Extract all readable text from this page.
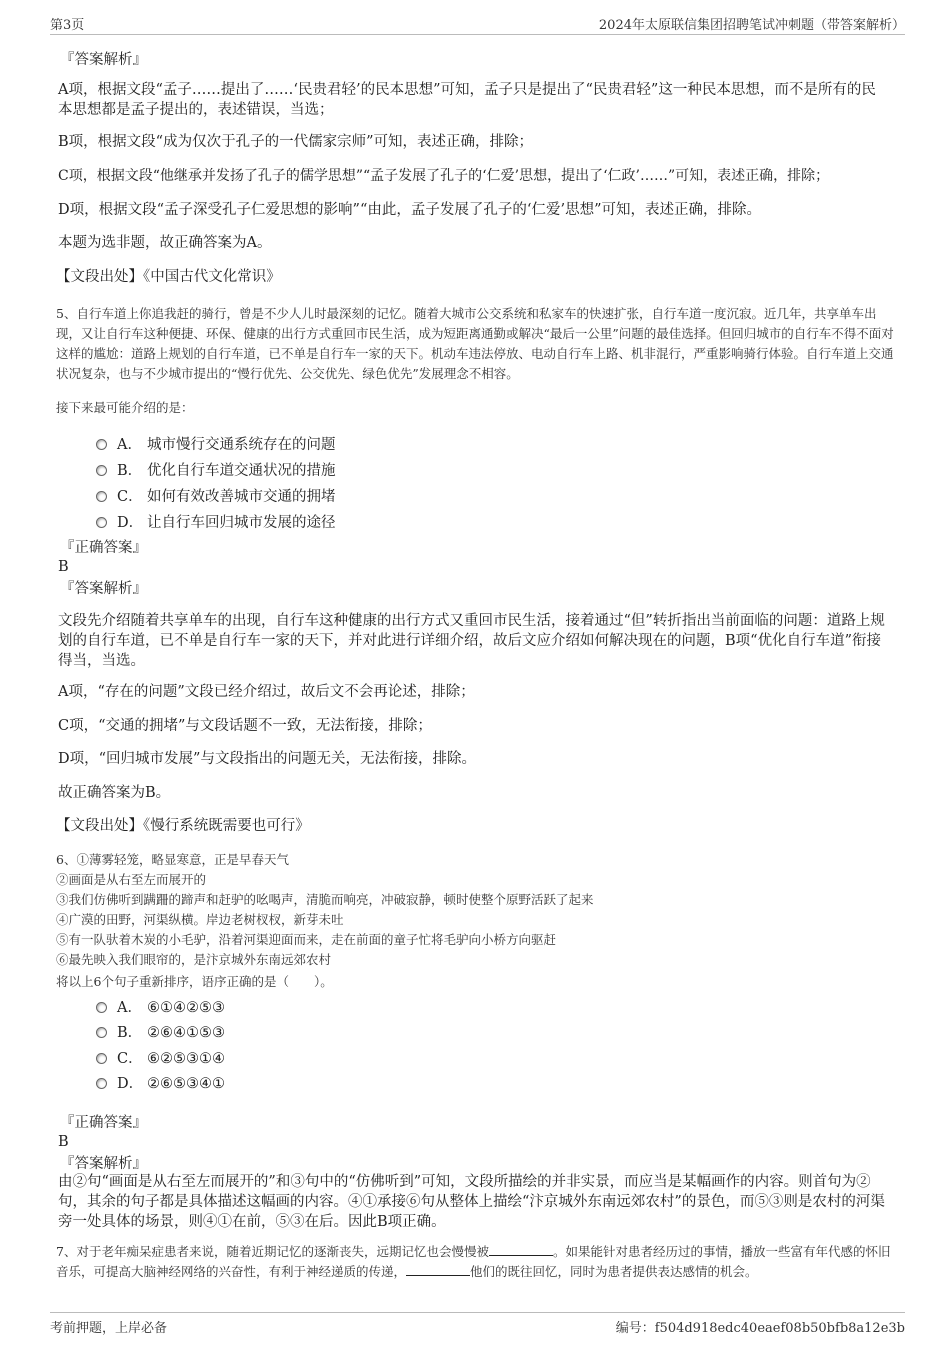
第3页	2024年太原联信集团招聘笔试冲刺题（带答案解析）
『答案解析』
A项，根据文段“孟子……提出了……‘民贵君轻’的民本思想”可知，孟子只是提出了“民贵君轻”这一种民本思想，而不是所有的民本思想都是孟子提出的，表述错误，当选；
B项，根据文段“成为仅次于孔子的一代儒家宗师”可知，表述正确，排除；
C项，根据文段“他继承并发扬了孔子的儒学思想”“孟子发展了孔子的‘仁爱’思想，提出了‘仁政’……”可知，表述正确，排除；
D项，根据文段“孟子深受孔子仁爱思想的影响”“由此，孟子发展了孔子的‘仁爱’思想”可知，表述正确，排除。
本题为选非题，故正确答案为A。
【文段出处】《中国古代文化常识》
5、自行车道上你追我赶的骑行，曾是不少人儿时最深刻的记忆。随着大城市公交系统和私家车的快速扩张，自行车道一度沉寂。近几年，共享单车出现，又让自行车这种便捷、环保、健康的出行方式重回市民生活，成为短距离通勤或解决“最后一公里”问题的最佳选择。但回归城市的自行车不得不面对这样的尴尬：道路上规划的自行车道，已不单是自行车一家的天下。机动车违法停放、电动自行车上路、机非混行，严重影响骑行体验。自行车道上交通状况复杂，也与不少城市提出的“慢行优先、公交优先、绿色优先”发展理念不相容。
接下来最可能介绍的是：
A． 城市慢行交通系统存在的问题
B． 优化自行车道交通状况的措施
C． 如何有效改善城市交通的拥堵
D． 让自行车回归城市发展的途径
『正确答案』
B
『答案解析』
文段先介绍随着共享单车的出现，自行车这种健康的出行方式又重回市民生活，接着通过“但”转折指出当前面临的问题：道路上规划的自行车道，已不单是自行车一家的天下，并对此进行详细介绍，故后文应介绍如何解决现在的问题，B项“优化自行车道”衔接得当，当选。
A项，“存在的问题”文段已经介绍过，故后文不会再论述，排除；
C项，“交通的拥堵”与文段话题不一致，无法衔接，排除；
D项，“回归城市发展”与文段指出的问题无关，无法衔接，排除。
故正确答案为B。
【文段出处】《慢行系统既需要也可行》
6、①薄雾轻笼，略显寒意，正是早春天气
②画面是从右至左而展开的
③我们仿佛听到蹒跚的蹄声和赶驴的吆喝声，清脆而响亮，冲破寂静，顿时使整个原野活跃了起来
④广漠的田野，河渠纵横。岸边老树杈杈，新芽未吐
⑤有一队驮着木炭的小毛驴，沿着河渠迎面而来，走在前面的童子忙将毛驴向小桥方向驱赶
⑥最先映入我们眼帘的，是汴京城外东南远郊农村
将以上6个句子重新排序，语序正确的是（　　）。
A． ⑥①④②⑤③
B． ②⑥④①⑤③
C． ⑥②⑤③①④
D． ②⑥⑤③④①
『正确答案』
B
『答案解析』
由②句“画面是从右至左而展开的”和③句中的“仿佛听到”可知，文段所描绘的并非实景，而应当是某幅画作的内容。则首句为②句，其余的句子都是具体描述这幅画的内容。④①承接⑥句从整体上描绘“汴京城外东南远郊农村”的景色，而⑤③则是农村的河渠旁一处具体的场景，则④①在前，⑤③在后。因此B项正确。
7、对于老年痴呆症患者来说，随着近期记忆的逐渐丧失，远期记忆也会慢慢被	。如果能针对患者经历过的事情，播放一些富有年代感的怀旧音乐，可提高大脑神经网络的兴奋性，有利于神经递质的传递，	他们的既往回忆，同时为患者提供表达感情的机会。
考前押题，上岸必备	编号：f504d918edc40eaef08b50bfb8a12e3b
